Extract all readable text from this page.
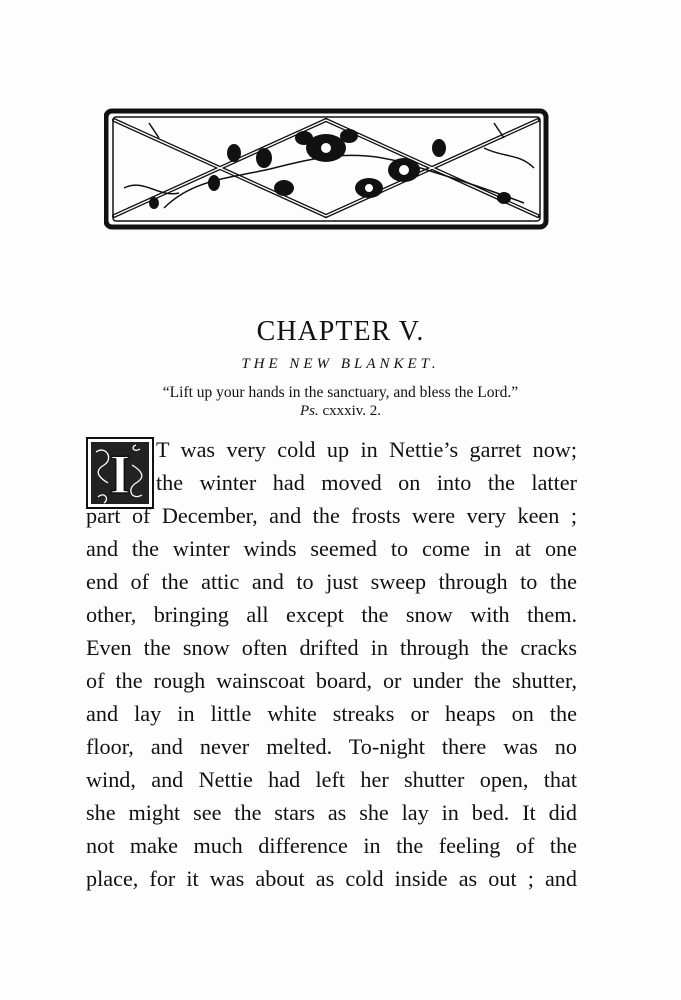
CHAPTER V.
THE NEW BLANKET.
“Lift up your hands in the sanctuary, and bless the Lord.”
Ps. cxxxiv. 2.
I T was very cold up in Nettie’s garret now;
the winter had moved on into the latter
part of December, and the frosts were very keen ;
and the winter winds seemed to come in at one
end of the attic and to just sweep through to the
other, bringing all except the snow with them.
Even the snow often drifted in through the cracks
of the rough wainscoat board, or under the shutter,
and lay in little white streaks or heaps on the
floor, and never melted. To-night there was no
wind, and Nettie had left her shutter open, that
she might see the stars as she lay in bed. It did
not make much difference in the feeling of the
place, for it was about as cold inside as out ; and
